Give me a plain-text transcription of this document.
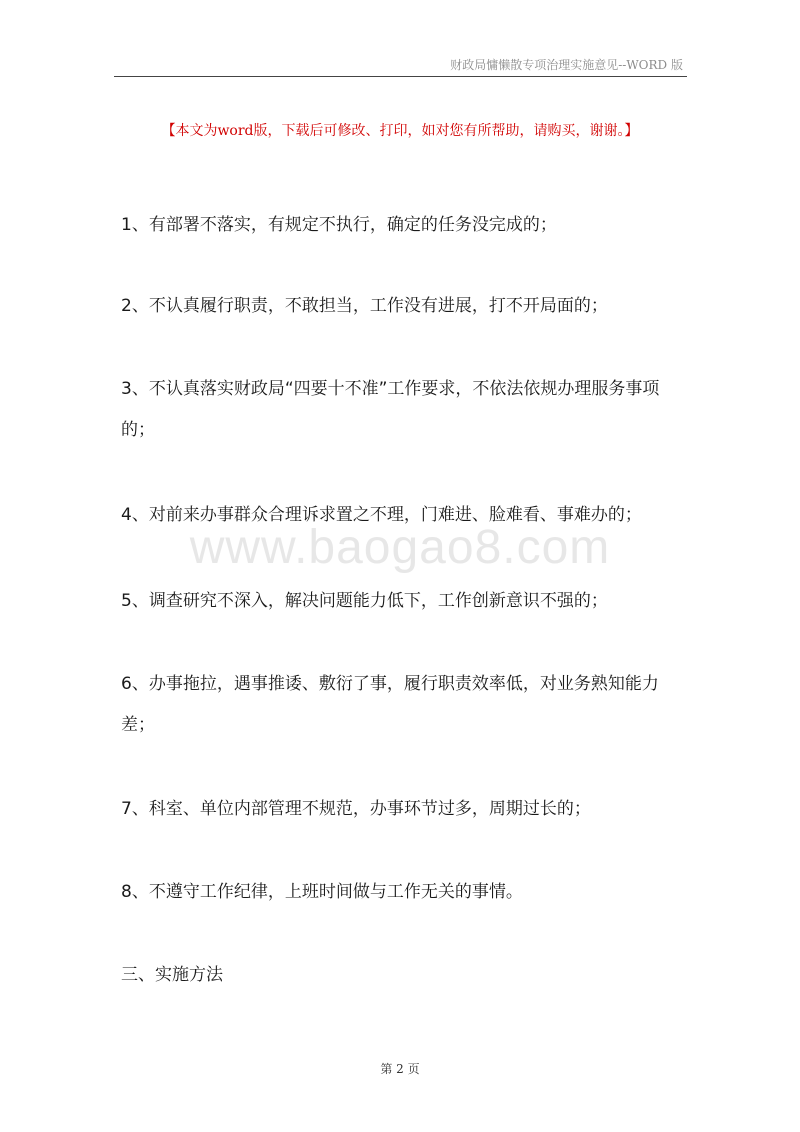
财政局慵懒散专项治理实施意见--WORD 版
【本文为word版，下载后可修改、打印，如对您有所帮助，请购买，谢谢。】
1、有部署不落实，有规定不执行，确定的任务没完成的；
2、不认真履行职责，不敢担当，工作没有进展，打不开局面的；
3、不认真落实财政局“四要十不准”工作要求，不依法依规办理服务事项的；
4、对前来办事群众合理诉求置之不理，门难进、脸难看、事难办的；
5、调查研究不深入，解决问题能力低下，工作创新意识不强的；
6、办事拖拉，遇事推诿、敷衍了事，履行职责效率低，对业务熟知能力差；
7、科室、单位内部管理不规范，办事环节过多，周期过长的；
8、不遵守工作纪律，上班时间做与工作无关的事情。
三、实施方法
www.baogao8.com
第 2 页
